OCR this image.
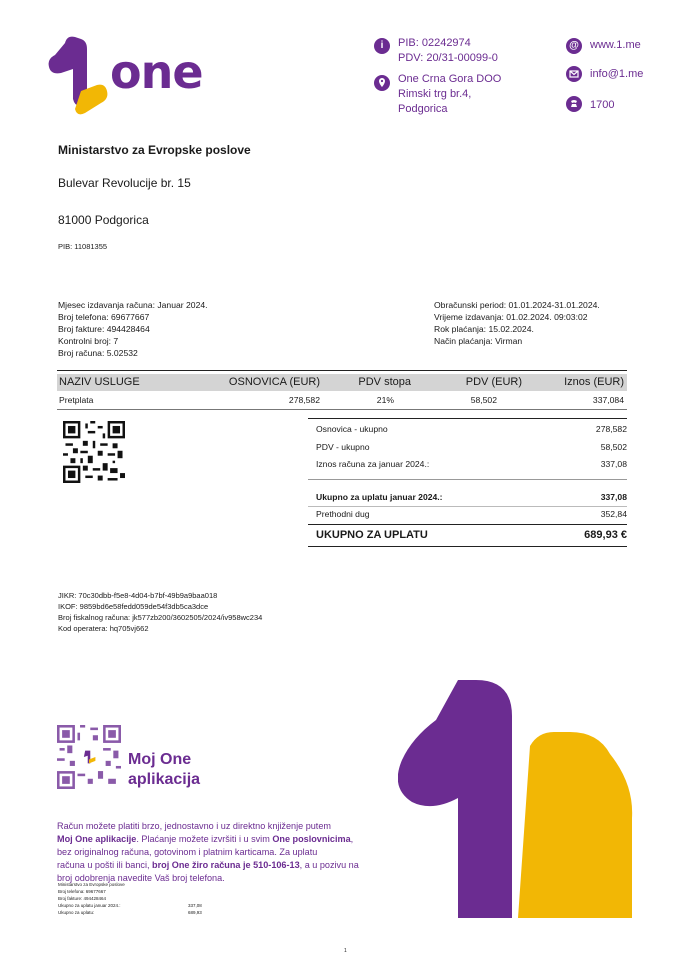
one	i	PIB: 02242974
PDV: 20/31-00099-0
One Crna Gora DOO
Rimski trg br.4,
Podgorica
@ www.1.me
info@1.me
1700
Ministarstvo za Evropske poslove
Bulevar Revolucije br. 15
81000 Podgorica
PIB: 11081355
Mjesec izdavanja računa: Januar 2024.
Broj telefona: 69677667
Broj fakture: 494428464
Kontrolni broj: 7
Broj računa: 5.02532
Obračunski period: 01.01.2024-31.01.2024.
Vrijeme izdavanja: 01.02.2024. 09:03:02
Rok plaćanja: 15.02.2024.
Način plaćanja: Virman
NAZIV USLUGE	OSNOVICA (EUR)	PDV stopa	PDV (EUR)	Iznos (EUR)
Pretplata	278,582	21%	58,502	337,084
Osnovica - ukupno	278,582
PDV - ukupno	58,502
Iznos računa za januar 2024.:	337,08
Ukupno za uplatu januar 2024.:	337,08
Prethodni dug	352,84
UKUPNO ZA UPLATU	689,93 €
JIKR: 70c30dbb-f5e8-4d04-b7bf-49b9a9baa018
IKOF: 9859bd6e58fedd059de54f3db5ca3dce
Broj fiskalnog računa: jk577zb200/3602505/2024/iv958wc234
Kod operatera: hq705vj662
Moj One
aplikacija
Račun možete platiti brzo, jednostavno i uz direktno knjiženje putem
Moj One aplikacije. Plaćanje možete izvršiti i u svim One poslovnicima,
bez originalnog računa, gotovinom i platnim karticama. Za uplatu
računa u pošti ili banci, broj One žiro računa je 510-106-13, a u pozivu na
broj odobrenja navedite Vaš broj telefona.
Ministarstvo za Evropske poslove
Broj telefona: 69677667
Broj fakture: 494428464
Ukupno za uplatu januar 2024.:	337,08
Ukupno za uplatu:	689,93
1
